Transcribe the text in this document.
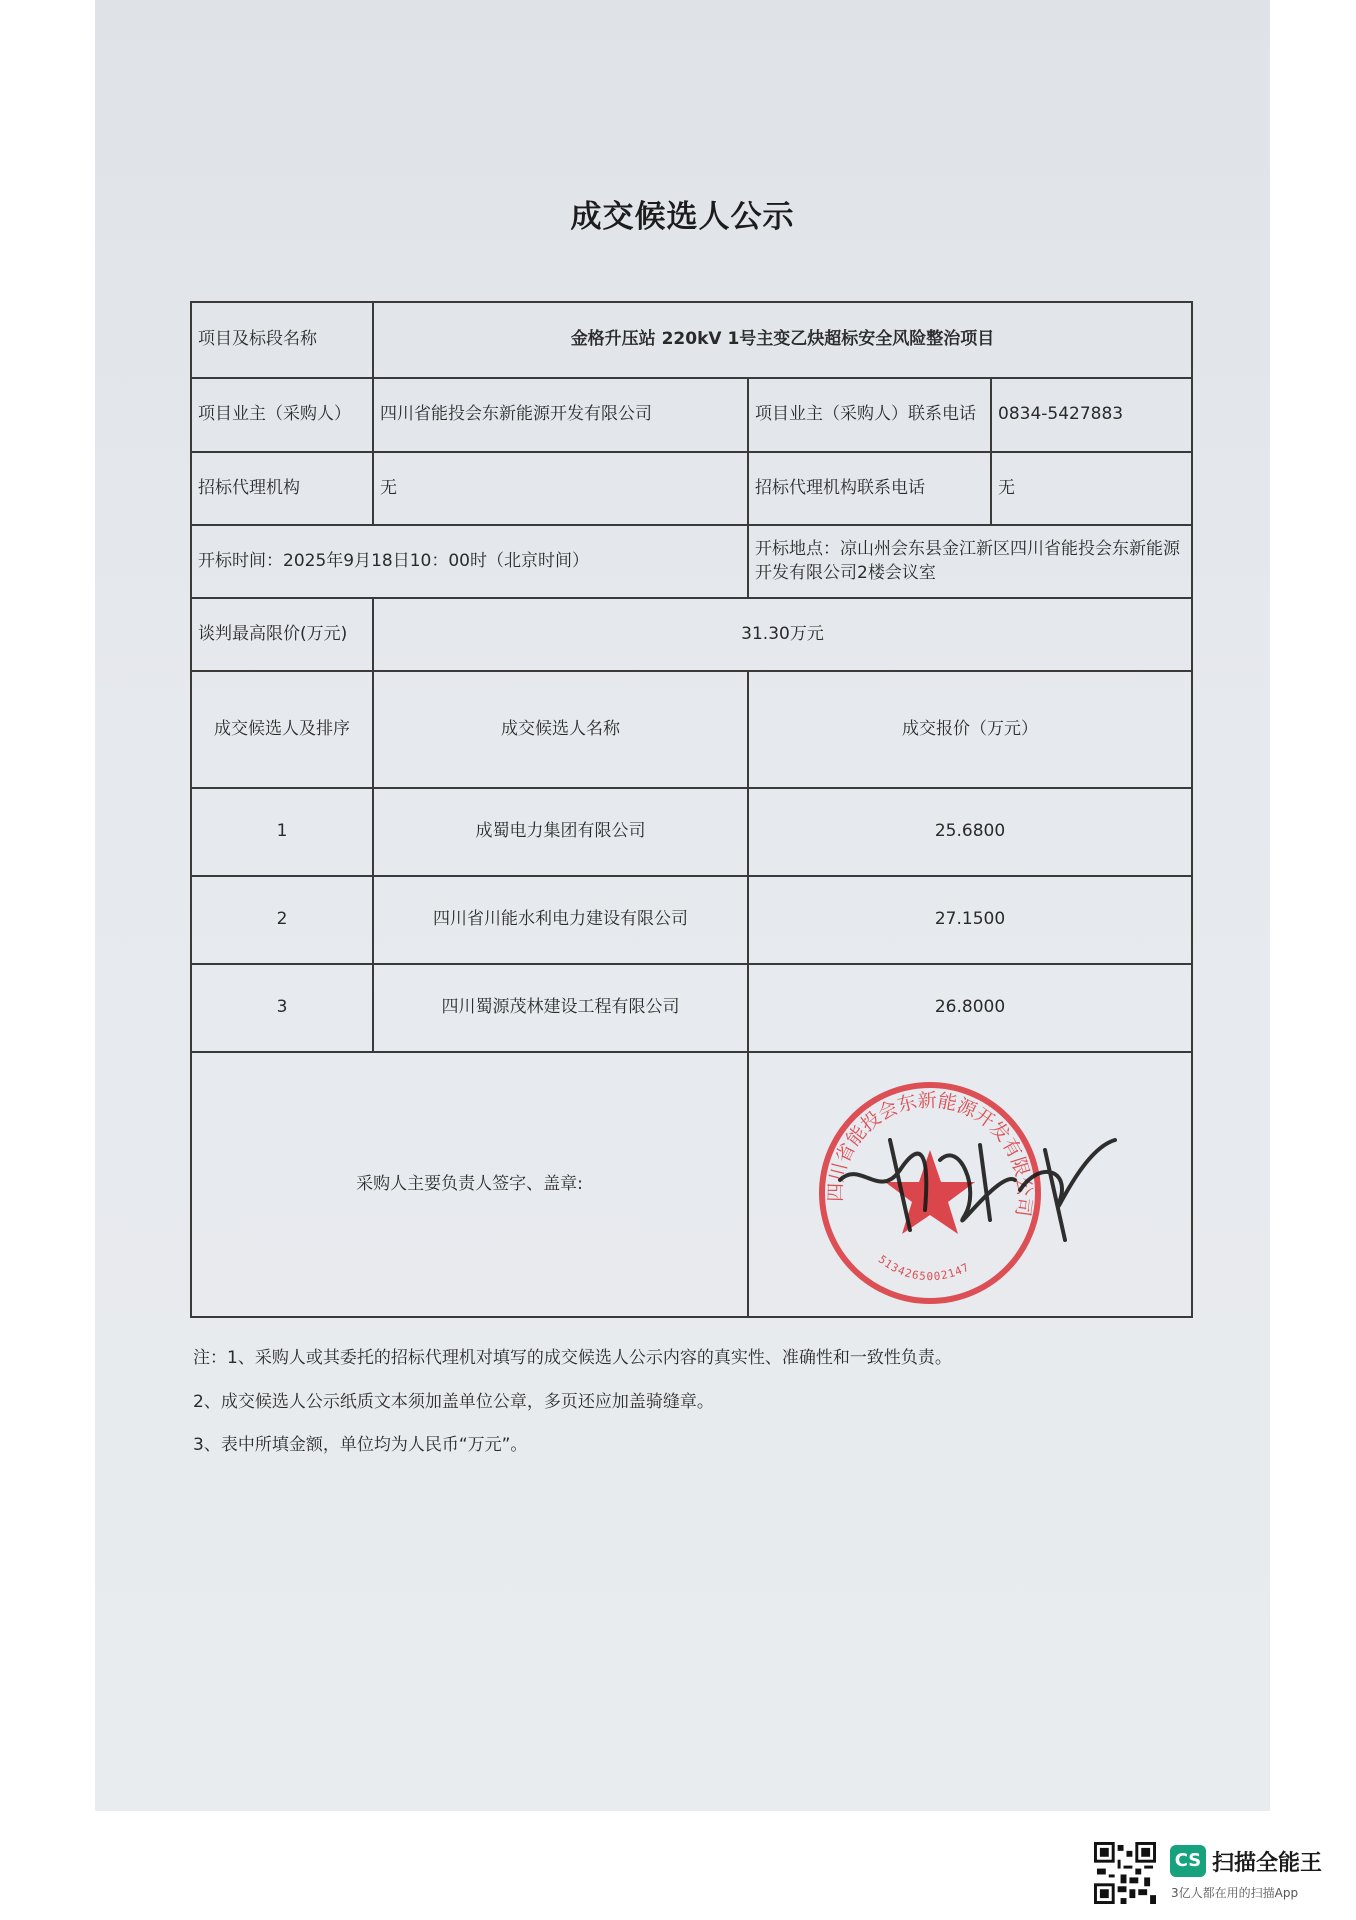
成交候选人公示
项目及标段名称	金格升压站 220kV 1号主变乙炔超标安全风险整治项目		
项目业主（采购人）	四川省能投会东新能源开发有限公司	项目业主（采购人）联系电话	0834-5427883
招标代理机构	无	招标代理机构联系电话	无
开标时间：2025年9月18日10：00时（北京时间）		开标地点：凉山州会东县金江新区四川省能投会东新能源开发有限公司2楼会议室	
谈判最高限价(万元)	31.30万元		
成交候选人及排序	成交候选人名称	成交报价（万元）	
1	成蜀电力集团有限公司	25.6800	
2	四川省川能水利电力建设有限公司	27.1500	
3	四川蜀源茂林建设工程有限公司	26.8000	
采购人主要负责人签字、盖章:				四川省能投会东新能源开发有限公司
5134265002147

注：1、采购人或其委托的招标代理机对填写的成交候选人公示内容的真实性、准确性和一致性负责。

2、成交候选人公示纸质文本须加盖单位公章，多页还应加盖骑缝章。

3、表中所填金额，单位均为人民币“万元”。

CS 扫描全能王
3亿人都在用的扫描App
